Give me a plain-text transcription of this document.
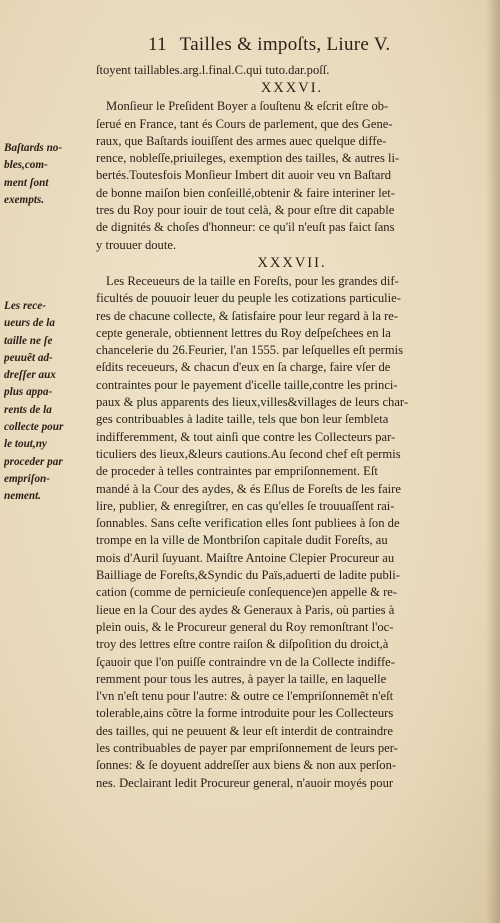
11 Tailles & impoſts, Liure V.
ſtoyent taillables.arg.l.final.C.qui tuto.dar.poſſ.
XXXVI.
Monſieur le Preſident Boyer a ſouſtenu & eſcrit eſtre ob-
ſerué en France, tant és Cours de parlement, que des Gene-
raux, que Baſtards iouiſſent des armes auec quelque diffe-
rence, nobleſſe,priuileges, exemption des tailles, & autres li-
bertés.Toutesfois Monſieur Imbert dit auoir veu vn Baſtard
de bonne maiſon bien conſeillé,obtenir & faire interiner let-
tres du Roy pour iouir de tout celà, & pour eſtre dit capable
de dignités & choſes d'honneur: ce qu'il n'euſt pas faict ſans
y trouuer doute.
XXXVII.
Les Receueurs de la taille en Foreſts, pour les grandes dif-
ficultés de pouuoir leuer du peuple les cotizations particulie-
res de chacune collecte, & ſatisfaire pour leur regard à la re-
cepte generale, obtiennent lettres du Roy deſpeſchees en la
chancelerie du 26.Feurier, l'an 1555. par leſquelles eſt permis
eſdits receueurs, & chacun d'eux en ſa charge, faire vſer de
contraintes pour le payement d'icelle taille,contre les princi-
paux & plus apparents des lieux,villes&villages de leurs char-
ges contribuables à ladite taille, tels que bon leur ſembleta
indifferemment, & tout ainſi que contre les Collecteurs par-
ticuliers des lieux,&leurs cautions.Au ſecond chef eſt permis
de proceder à telles contraintes par empriſonnement. Eſt
mandé à la Cour des aydes, & és Eſlus de Foreſts de les faire
lire, publier, & enregiſtrer, en cas qu'elles ſe trouuaſſent rai-
ſonnables. Sans ceſte verification elles ſont publiees à ſon de
trompe en la ville de Montbriſon capitale dudit Foreſts, au
mois d'Auril ſuyuant. Maiſtre Antoine Clepier Procureur au
Bailliage de Foreſts,&Syndic du Païs,aduerti de ladite publi-
cation (comme de pernicieuſe conſequence)en appelle & re-
lieue en la Cour des aydes & Generaux à Paris, où parties à
plein ouis, & le Procureur general du Roy remonſtrant l'oc-
troy des lettres eſtre contre raiſon & diſpoſition du droict,à
ſçauoir que l'on puiſſe contraindre vn de la Collecte indiffe-
remment pour tous les autres, à payer la taille, en laquelle
l'vn n'eſt tenu pour l'autre: & outre ce l'empriſonnemẽt n'eſt
tolerable,ains cõtre la forme introduite pour les Collecteurs
des tailles, qui ne peuuent & leur eſt interdit de contraindre
les contribuables de payer par empriſonnement de leurs per-
ſonnes: & ſe doyuent addreſſer aux biens & non aux perſon-
nes. Declairant ledit Procureur general, n'auoir moyés pour
Baſtards no-
bles,com-
ment ſont
exempts.
Les rece-
ueurs de la
taille ne ſe
peuuẽt ad-
dreſſer aux
plus appa-
rents de la
collecte pour
le tout,ny
proceder par
empriſon-
nement.
